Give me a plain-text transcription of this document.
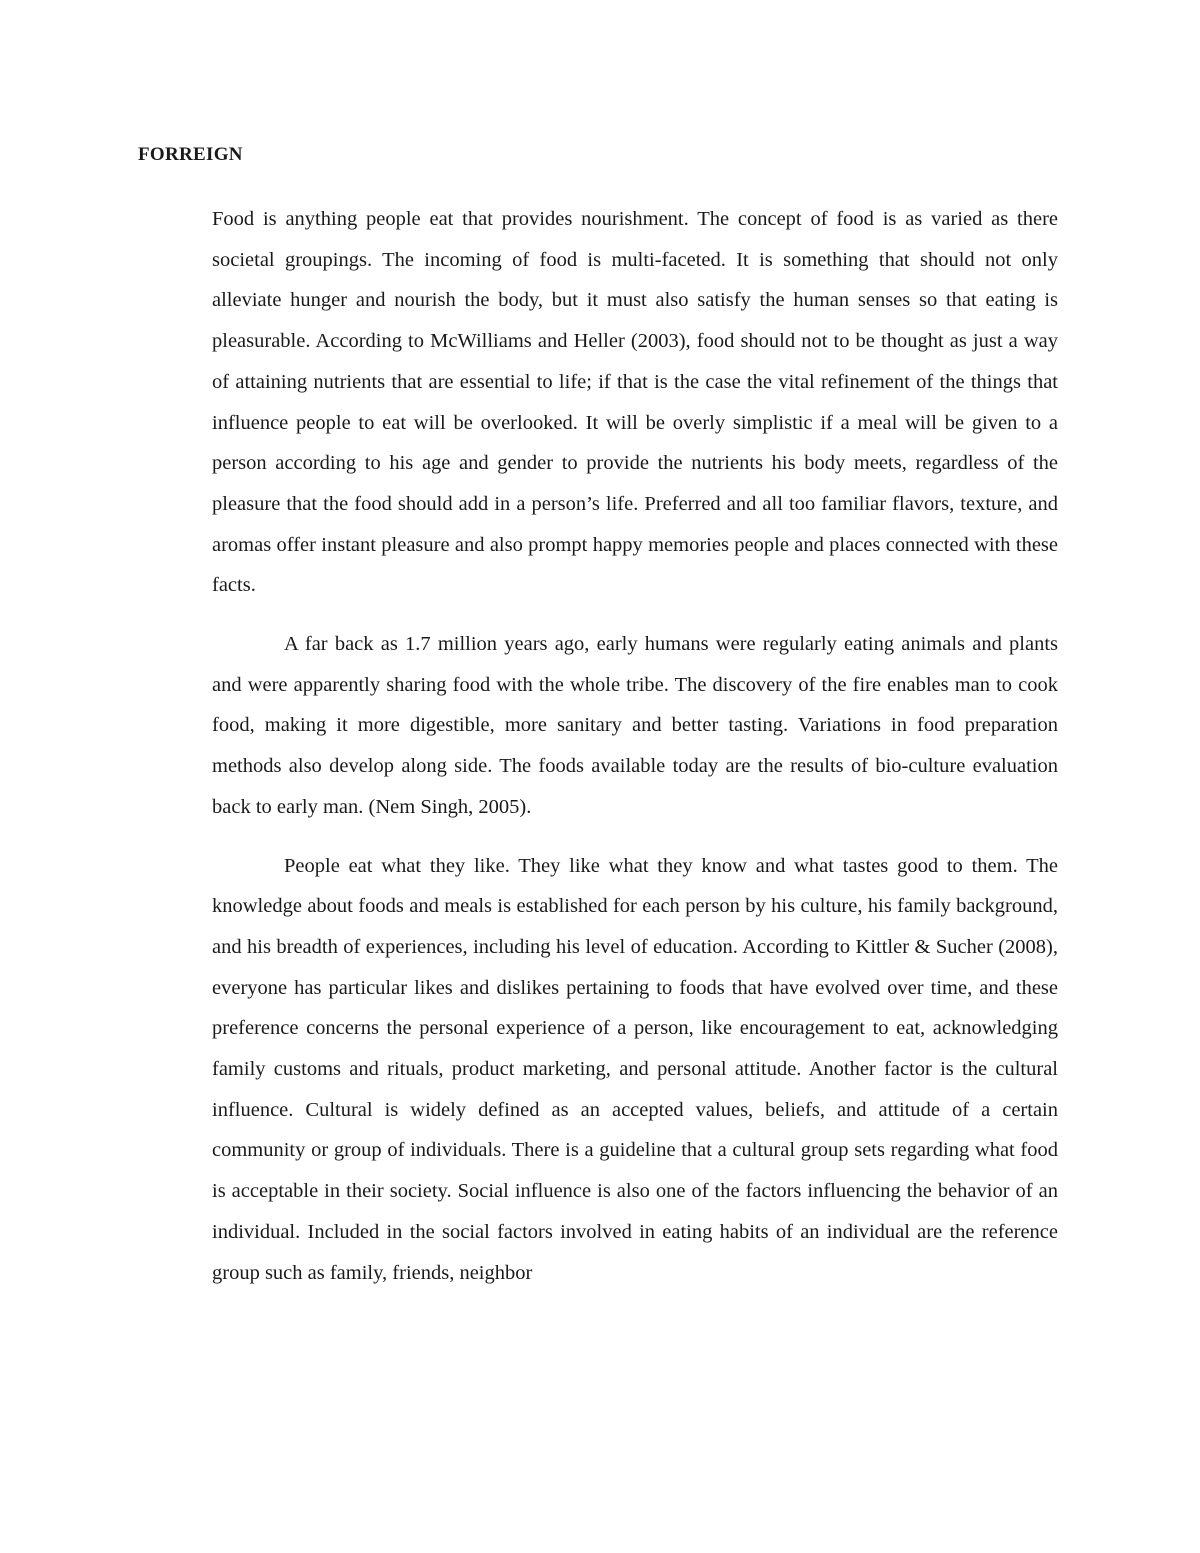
FORREIGN

Food is anything people eat that provides nourishment. The concept of food is as varied as there societal groupings. The incoming of food is multi-faceted. It is something that should not only alleviate hunger and nourish the body, but it must also satisfy the human senses so that eating is pleasurable. According to McWilliams and Heller (2003), food should not to be thought as just a way of attaining nutrients that are essential to life; if that is the case the vital refinement of the things that influence people to eat will be overlooked. It will be overly simplistic if a meal will be given to a person according to his age and gender to provide the nutrients his body meets, regardless of the pleasure that the food should add in a person’s life. Preferred and all too familiar flavors, texture, and aromas offer instant pleasure and also prompt happy memories people and places connected with these facts.

A far back as 1.7 million years ago, early humans were regularly eating animals and plants and were apparently sharing food with the whole tribe. The discovery of the fire enables man to cook food, making it more digestible, more sanitary and better tasting. Variations in food preparation methods also develop along side. The foods available today are the results of bio-culture evaluation back to early man. (Nem Singh, 2005).

People eat what they like. They like what they know and what tastes good to them. The knowledge about foods and meals is established for each person by his culture, his family background, and his breadth of experiences, including his level of education. According to Kittler & Sucher (2008), everyone has particular likes and dislikes pertaining to foods that have evolved over time, and these preference concerns the personal experience of a person, like encouragement to eat, acknowledging family customs and rituals, product marketing, and personal attitude. Another factor is the cultural influence. Cultural is widely defined as an accepted values, beliefs, and attitude of a certain community or group of individuals. There is a guideline that a cultural group sets regarding what food is acceptable in their society. Social influence is also one of the factors influencing the behavior of an individual. Included in the social factors involved in eating habits of an individual are the reference group such as family, friends, neighbor
